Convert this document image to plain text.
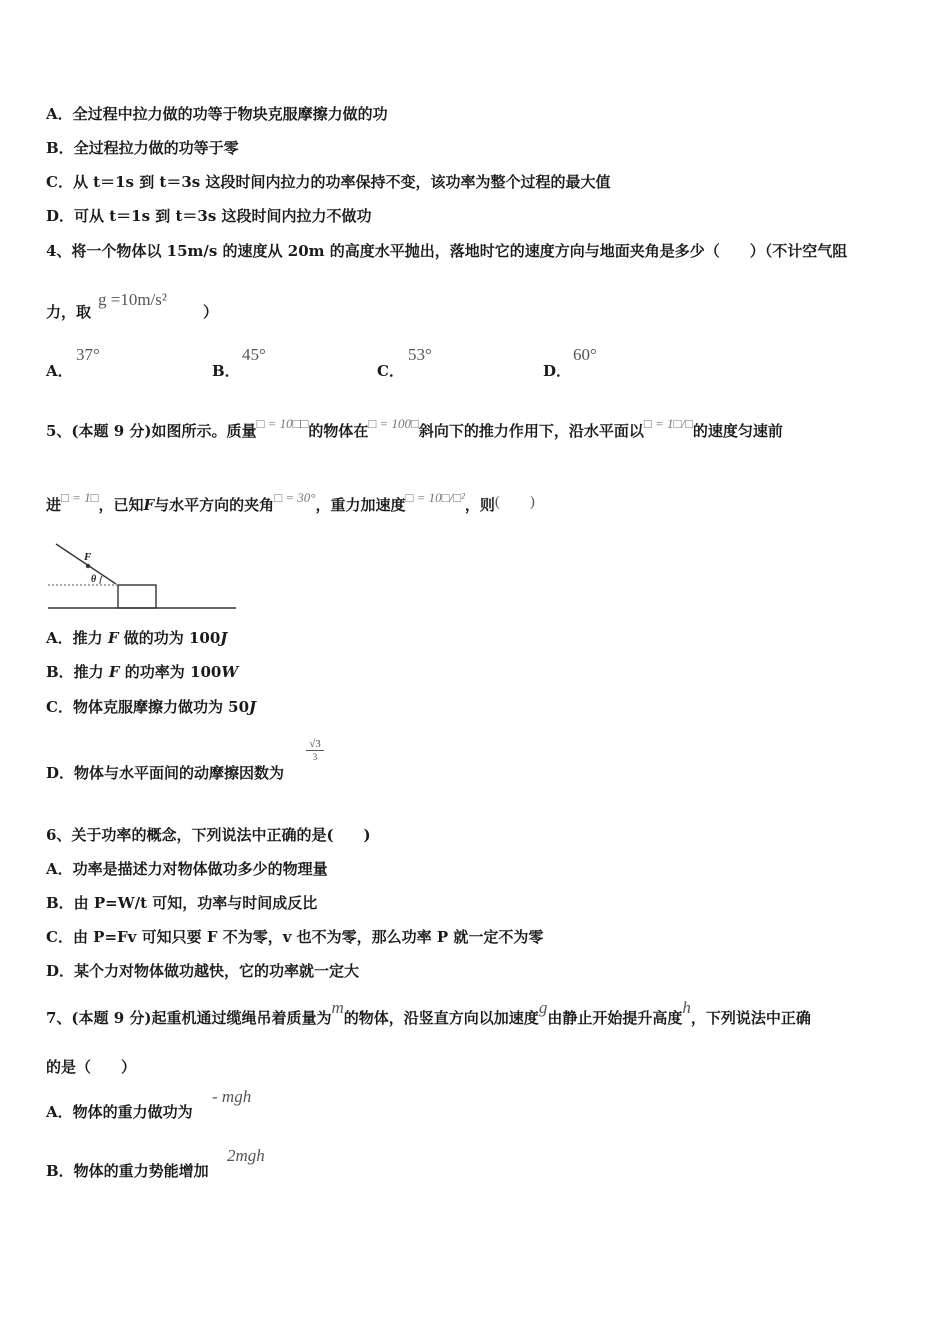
A．全过程中拉力做的功等于物块克服摩擦力做的功
B．全过程拉力做的功等于零
C．从 t＝1s 到 t＝3s 这段时间内拉力的功率保持不变，该功率为整个过程的最大值
D．可从 t＝1s 到 t＝3s 这段时间内拉力不做功
4、将一个物体以 15m/s 的速度从 20m 的高度水平抛出，落地时它的速度方向与地面夹角是多少（　　）（不计空气阻
力，取	）
g =10m/s²
A．
37°
B．
45°
C．
53°
D．
60°
5、(本题 9 分)如图所示。质量□ = 10□□的物体在□ = 100□斜向下的推力作用下，沿水平面以□ = 1□/□的速度匀速前
进□ = 1□，已知F与水平方向的夹角□ = 30°，重力加速度□ = 10□/□²，则(　　)
F
θ
A．推力 F 做的功为 100J
B．推力 F 的功率为 100W
C．物体克服摩擦力做功为 50J
D．物体与水平面间的动摩擦因数为
√3
3
6、关于功率的概念，下列说法中正确的是(　　)
A．功率是描述力对物体做功多少的物理量
B．由 P=W/t 可知，功率与时间成反比
C．由 P=Fv 可知只要 F 不为零，v 也不为零，那么功率 P 就一定不为零
D．某个力对物体做功越快，它的功率就一定大
7、(本题 9 分)起重机通过缆绳吊着质量为m的物体，沿竖直方向以加速度g由静止开始提升高度h，下列说法中正确
的是（　　）
A．物体的重力做功为
- mgh
B．物体的重力势能增加
2mgh
